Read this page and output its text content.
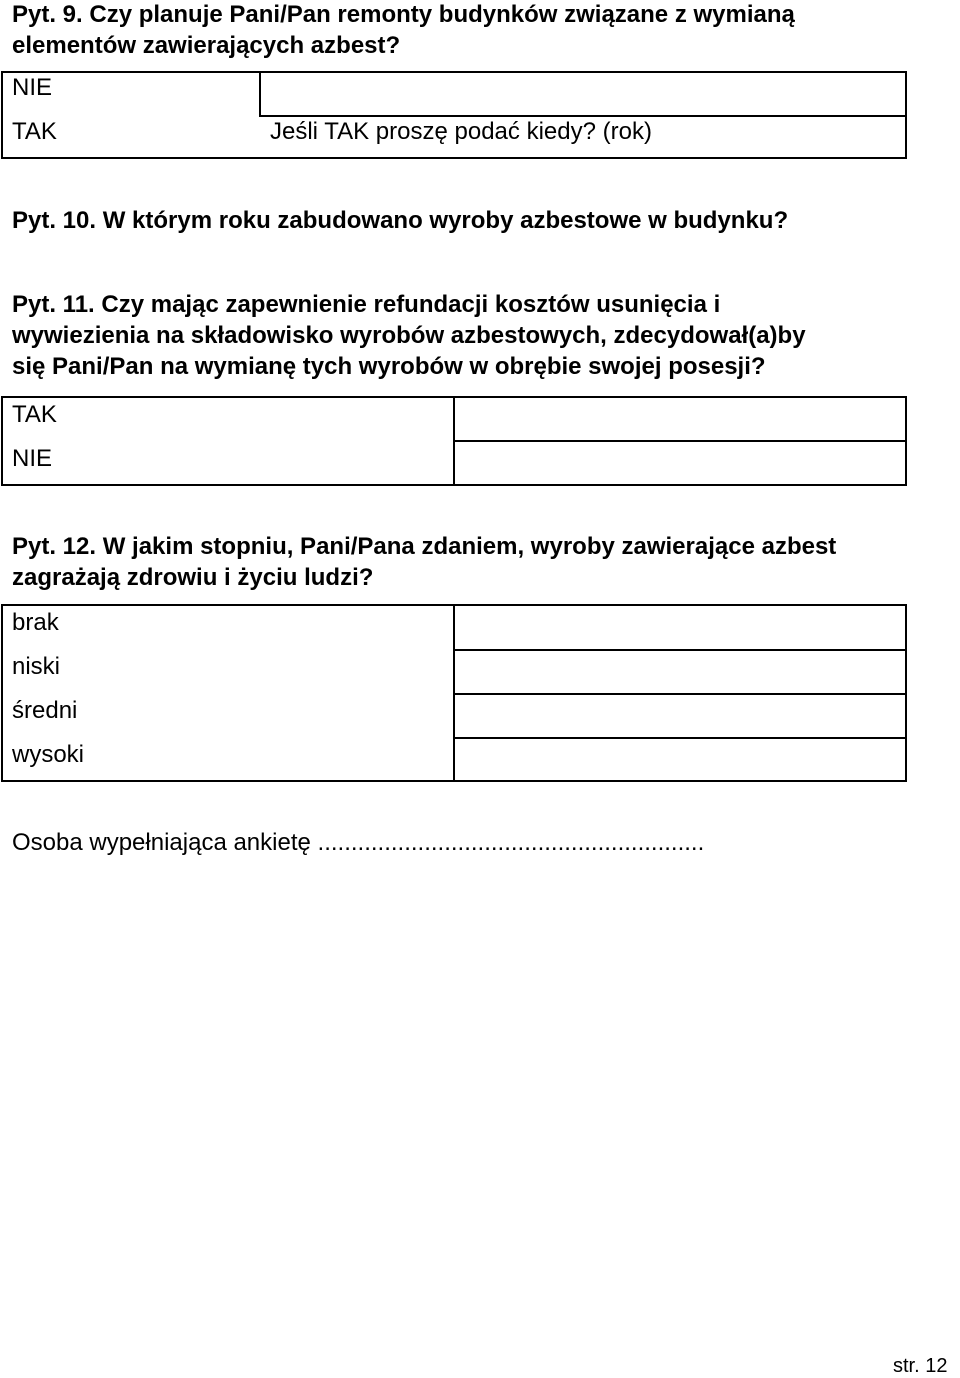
Pyt. 9. Czy planuje Pani/Pan remonty budynków związane z wymianą
elementów zawierających azbest?

NIE
TAK	Jeśli TAK proszę podać kiedy? (rok)

Pyt. 10. W którym roku zabudowano wyroby azbestowe w budynku?

Pyt. 11. Czy mając zapewnienie refundacji kosztów usunięcia i
wywiezienia na składowisko wyrobów azbestowych, zdecydował(a)by
się Pani/Pan na wymianę tych wyrobów w obrębie swojej posesji?

TAK
NIE

Pyt. 12. W jakim stopniu, Pani/Pana zdaniem, wyroby zawierające azbest
zagrażają zdrowiu i życiu ludzi?

brak
niski
średni
wysoki
Osoba wypełniająca ankietę ..........................................................
str. 12
